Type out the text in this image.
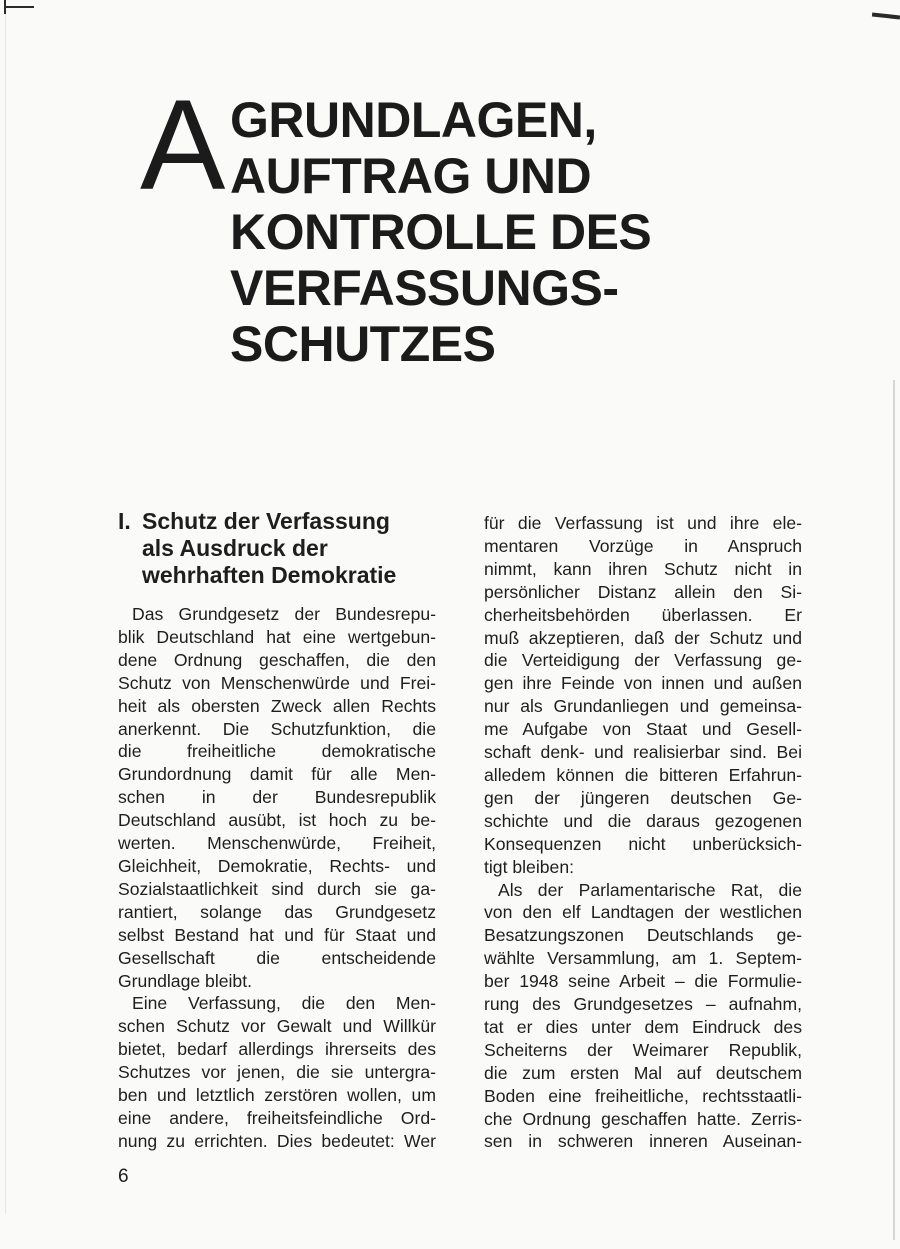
A GRUNDLAGEN,
AUFTRAG UND
KONTROLLE DES
VERFASSUNGS-
SCHUTZES
I. Schutz der Verfassung
als Ausdruck der
wehrhaften Demokratie
Das Grundgesetz der Bundesrepu-
blik Deutschland hat eine wertgebun-
dene Ordnung geschaffen, die den
Schutz von Menschenwürde und Frei-
heit als obersten Zweck allen Rechts
anerkennt. Die Schutzfunktion, die
die freiheitliche demokratische
Grundordnung damit für alle Men-
schen in der Bundesrepublik
Deutschland ausübt, ist hoch zu be-
werten. Menschenwürde, Freiheit,
Gleichheit, Demokratie, Rechts- und
Sozialstaatlichkeit sind durch sie ga-
rantiert, solange das Grundgesetz
selbst Bestand hat und für Staat und
Gesellschaft die entscheidende
Grundlage bleibt.
Eine Verfassung, die den Men-
schen Schutz vor Gewalt und Willkür
bietet, bedarf allerdings ihrerseits des
Schutzes vor jenen, die sie untergra-
ben und letztlich zerstören wollen, um
eine andere, freiheitsfeindliche Ord-
nung zu errichten. Dies bedeutet: Wer
für die Verfassung ist und ihre ele-
mentaren Vorzüge in Anspruch
nimmt, kann ihren Schutz nicht in
persönlicher Distanz allein den Si-
cherheitsbehörden überlassen. Er
muß akzeptieren, daß der Schutz und
die Verteidigung der Verfassung ge-
gen ihre Feinde von innen und außen
nur als Grundanliegen und gemeinsa-
me Aufgabe von Staat und Gesell-
schaft denk- und realisierbar sind. Bei
alledem können die bitteren Erfahrun-
gen der jüngeren deutschen Ge-
schichte und die daraus gezogenen
Konsequenzen nicht unberücksich-
tigt bleiben:
Als der Parlamentarische Rat, die
von den elf Landtagen der westlichen
Besatzungszonen Deutschlands ge-
wählte Versammlung, am 1. Septem-
ber 1948 seine Arbeit – die Formulie-
rung des Grundgesetzes – aufnahm,
tat er dies unter dem Eindruck des
Scheiterns der Weimarer Republik,
die zum ersten Mal auf deutschem
Boden eine freiheitliche, rechtsstaatli-
che Ordnung geschaffen hatte. Zerris-
sen in schweren inneren Auseinan-
6
